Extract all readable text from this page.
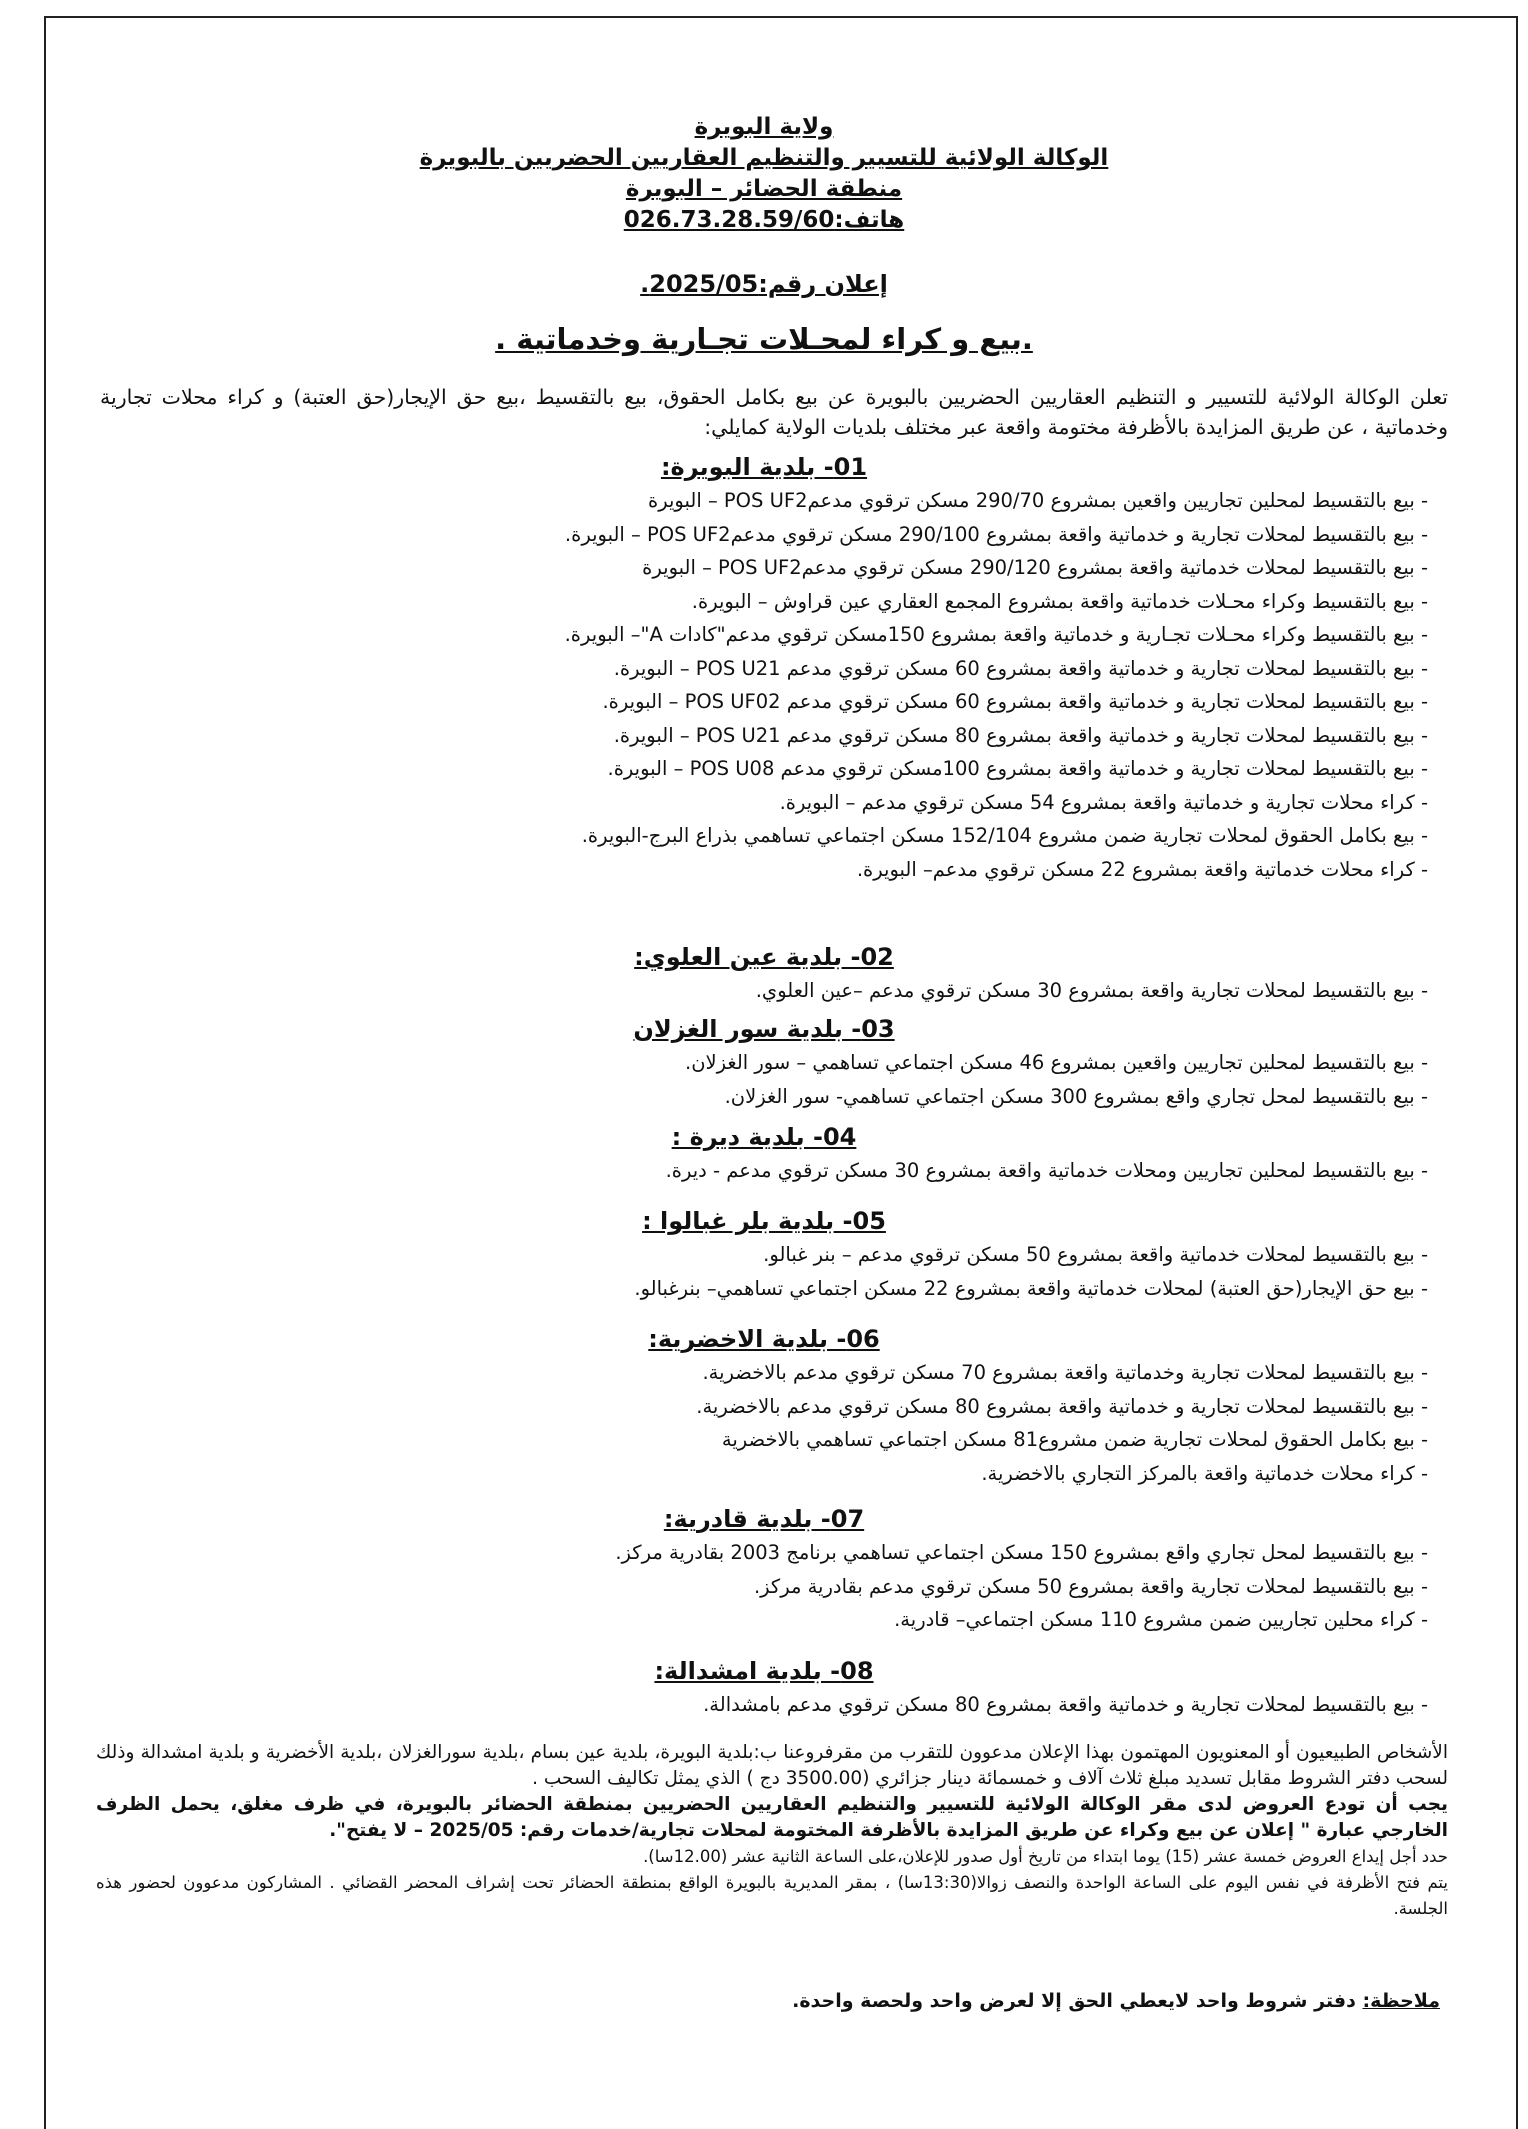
ولاية البويرة
الوكالة الولائية للتسيير والتنظيم العقاريين الحضريين بالبويرة
منطقة الحضائر – البويرة
هاتف:026.73.28.59/60
إعلان رقم:2025/05.
.بيع و كراء لمحـلات تجـارية وخدماتية .
تعلن الوكالة الولائية للتسيير و التنظيم العقاريين الحضريين بالبويرة عن بيع بكامل الحقوق، بيع بالتقسيط ،بيع حق الإيجار(حق العتبة) و كراء محلات تجارية وخدماتية ، عن طريق المزايدة بالأظرفة مختومة واقعة عبر مختلف بلديات الولاية كمايلي:
01- بلدية البويرة:
- بيع بالتقسيط لمحلين تجاريين واقعين بمشروع 290/70 مسكن ترقوي مدعمPOS UF2 – البويرة
- بيع بالتقسيط لمحلات تجارية و خدماتية واقعة بمشروع 290/100 مسكن ترقوي مدعمPOS UF2 – البويرة.
- بيع بالتقسيط لمحلات خدماتية واقعة بمشروع 290/120 مسكن ترقوي مدعمPOS UF2 – البويرة
- بيع بالتقسيط وكراء محـلات خدماتية واقعة بمشروع المجمع العقاري عين قراوش – البويرة.
- بيع بالتقسيط وكراء محـلات تجـارية و خدماتية واقعة بمشروع 150مسكن ترقوي مدعم"كادات A"– البويرة.
- بيع بالتقسيط لمحلات تجارية و خدماتية واقعة بمشروع 60 مسكن ترقوي مدعم POS U21 – البويرة.
- بيع بالتقسيط لمحلات تجارية و خدماتية واقعة بمشروع 60 مسكن ترقوي مدعم POS UF02 – البويرة.
- بيع بالتقسيط لمحلات تجارية و خدماتية واقعة بمشروع 80 مسكن ترقوي مدعم POS U21 – البويرة.
- بيع بالتقسيط لمحلات تجارية و خدماتية واقعة بمشروع 100مسكن ترقوي مدعم POS U08 – البويرة.
- كراء محلات تجارية و خدماتية واقعة بمشروع 54 مسكن ترقوي مدعم – البويرة.
- بيع بكامل الحقوق لمحلات تجارية ضمن مشروع 152/104 مسكن اجتماعي تساهمي بذراع البرج-البويرة.
- كراء محلات خدماتية واقعة بمشروع 22 مسكن ترقوي مدعم– البويرة.
02- بلدية عين العلوي:
- بيع بالتقسيط لمحلات تجارية واقعة بمشروع 30 مسكن ترقوي مدعم –عين العلوي.
03- بلدية سور الغزلان
- بيع بالتقسيط لمحلين تجاريين واقعين بمشروع 46 مسكن اجتماعي تساهمي – سور الغزلان.
- بيع بالتقسيط لمحل تجاري واقع بمشروع 300 مسكن اجتماعي تساهمي- سور الغزلان.
04- بلدية ديرة :
- بيع بالتقسيط لمحلين تجاريين ومحلات خدماتية واقعة بمشروع 30 مسكن ترقوي مدعم - ديرة.
05- بلدية بلر غبالوا :
- بيع بالتقسيط لمحلات خدماتية واقعة بمشروع 50 مسكن ترقوي مدعم – بنر غبالو.
- بيع حق الإيجار(حق العتبة) لمحلات خدماتية واقعة بمشروع 22 مسكن اجتماعي تساهمي– بنرغبالو.
06- بلدية الاخضرية:
- بيع بالتقسيط لمحلات تجارية وخدماتية واقعة بمشروع 70 مسكن ترقوي مدعم بالاخضرية.
- بيع بالتقسيط لمحلات تجارية و خدماتية واقعة بمشروع 80 مسكن ترقوي مدعم بالاخضرية.
- بيع بكامل الحقوق لمحلات تجارية ضمن مشروع81 مسكن اجتماعي تساهمي بالاخضرية
- كراء محلات خدماتية واقعة بالمركز التجاري بالاخضرية.
07- بلدية قادرية:
- بيع بالتقسيط لمحل تجاري واقع بمشروع 150 مسكن اجتماعي تساهمي برنامج 2003 بقادرية مركز.
- بيع بالتقسيط لمحلات تجارية واقعة بمشروع 50 مسكن ترقوي مدعم بقادرية مركز.
- كراء محلين تجاريين ضمن مشروع 110 مسكن اجتماعي– قادرية.
08- بلدية امشدالة:
- بيع بالتقسيط لمحلات تجارية و خدماتية واقعة بمشروع 80 مسكن ترقوي مدعم بامشدالة.

الأشخاص الطبيعيون أو المعنويون المهتمون بهذا الإعلان مدعوون للتقرب من مقرفروعنا ب:بلدية البويرة، بلدية عين بسام ،بلدية سورالغزلان ،بلدية الأخضرية و بلدية امشدالة وذلك لسحب دفتر الشروط مقابل تسديد مبلغ ثلاث آلاف و خمسمائة دينار جزائري (3500.00 دج ) الذي يمثل تكاليف السحب .

يجب أن تودع العروض لدى مقر الوكالة الولائية للتسيير والتنظيم العقاريين الحضريين بمنطقة الحضائر بالبويرة، في ظرف مغلق، يحمل الظرف الخارجي عبارة " إعلان عن بيع وكراء عن طريق المزايدة بالأظرفة المختومة لمحلات تجارية/خدمات رقم: 2025/05 – لا يفتح".

حدد أجل إيداع العروض خمسة عشر (15) يوما ابتداء من تاريخ أول صدور للإعلان،على الساعة الثانية عشر (12.00سا).

يتم فتح الأظرفة في نفس اليوم على الساعة الواحدة والنصف زوالا(13:30سا) ، بمقر المديرية بالبويرة الواقع بمنطقة الحضائر تحت إشراف المحضر القضائي . المشاركون مدعوون لحضور هذه الجلسة.

ملاحظة: دفتر شروط واحد لايعطي الحق إلا لعرض واحد ولحصة واحدة.
